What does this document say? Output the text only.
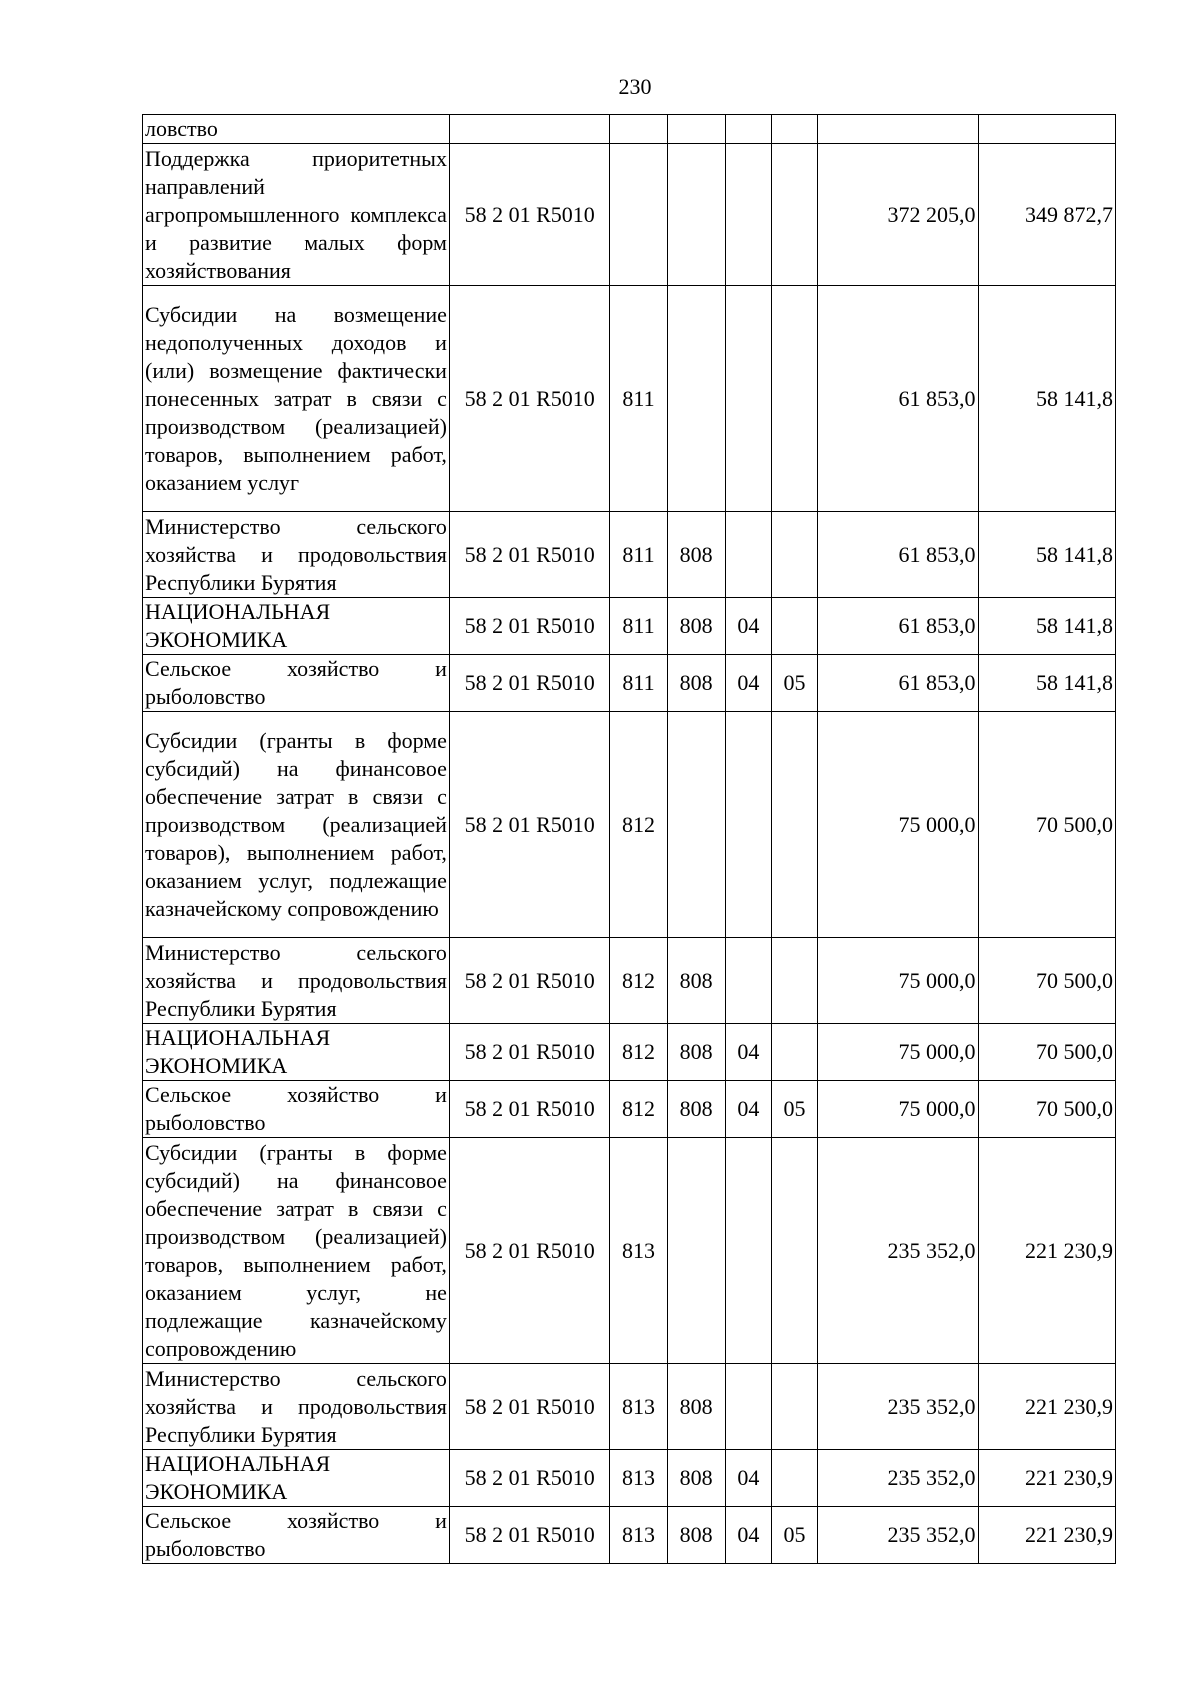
230
ловство							
Поддержка приоритетных направлений агропромышленного комплекса и развитие малых форм хозяйствования	58 2 01 R5010					372 205,0	349 872,7
Субсидии на возмещение недополученных доходов и (или) возмещение фактически понесенных затрат в связи с производством (реализацией) товаров, выполнением работ, оказанием услуг	58 2 01 R5010	811				61 853,0	58 141,8
Министерство сельского хозяйства и продовольствия Республики Бурятия	58 2 01 R5010	811	808			61 853,0	58 141,8
НАЦИОНАЛЬНАЯ ЭКОНОМИКА	58 2 01 R5010	811	808	04		61 853,0	58 141,8
Сельское хозяйство и рыболовство	58 2 01 R5010	811	808	04	05	61 853,0	58 141,8
Субсидии (гранты в форме субсидий) на финансовое обеспечение затрат в связи с производством (реализацией товаров), выполнением работ, оказанием услуг, подлежащие казначейскому сопровождению	58 2 01 R5010	812				75 000,0	70 500,0
Министерство сельского хозяйства и продовольствия Республики Бурятия	58 2 01 R5010	812	808			75 000,0	70 500,0
НАЦИОНАЛЬНАЯ ЭКОНОМИКА	58 2 01 R5010	812	808	04		75 000,0	70 500,0
Сельское хозяйство и рыболовство	58 2 01 R5010	812	808	04	05	75 000,0	70 500,0
Субсидии (гранты в форме субсидий) на финансовое обеспечение затрат в связи с производством (реализацией) товаров, выполнением работ, оказанием услуг, не подлежащие казначейскому сопровождению	58 2 01 R5010	813				235 352,0	221 230,9
Министерство сельского хозяйства и продовольствия Республики Бурятия	58 2 01 R5010	813	808			235 352,0	221 230,9
НАЦИОНАЛЬНАЯ ЭКОНОМИКА	58 2 01 R5010	813	808	04		235 352,0	221 230,9
Сельское хозяйство и рыболовство	58 2 01 R5010	813	808	04	05	235 352,0	221 230,9
